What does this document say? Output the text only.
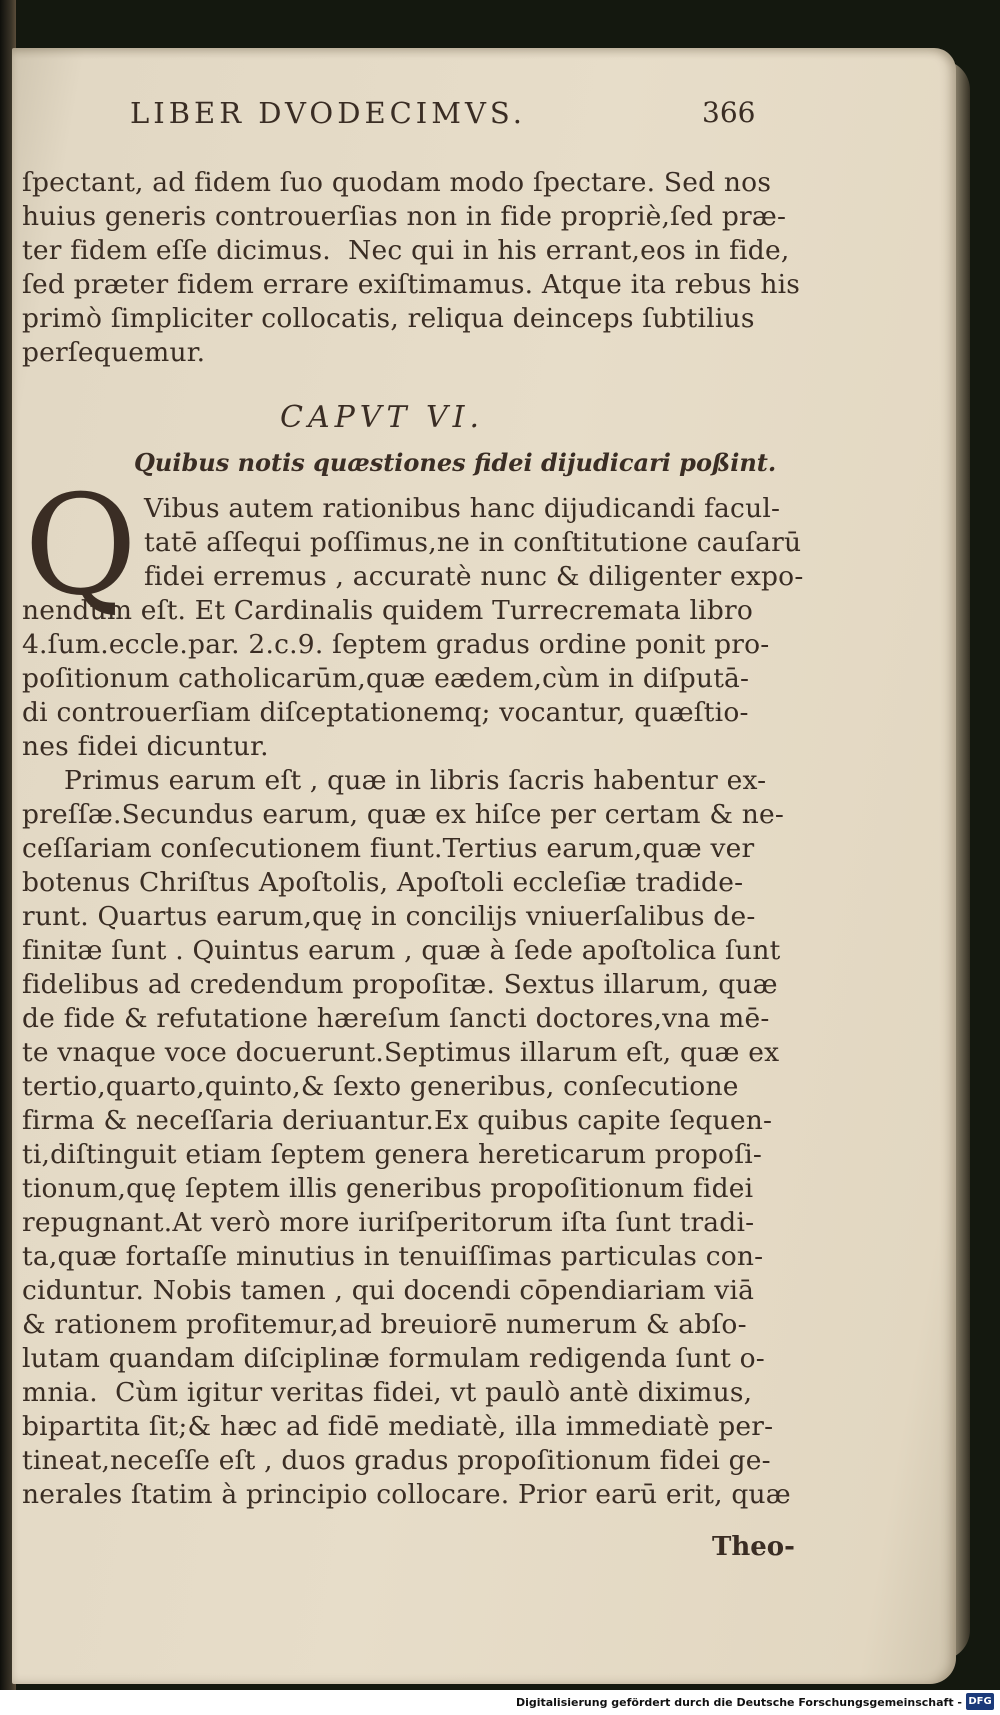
LIBER DVODECIMVS.	366
ſpectant, ad fidem ſuo quodam modo ſpectare. Sed nos
huius generis controuerſias non in fide propriè,ſed præ-
ter fidem eſſe dicimus.  Nec qui in his errant,eos in fide,
ſed præter fidem errare exiſtimamus. Atque ita rebus his
primò ſimpliciter collocatis, reliqua deinceps ſubtilius
perſequemur.
CAPVT VI.
Quibus notis quæstiones fidei dijudicari poßint.
Q Vibus autem rationibus hanc dijudicandi facul-
tatē aſſequi poſſimus,ne in conſtitutione cauſarū
fidei erremus , accuratè nunc & diligenter expo-
nendum eſt. Et Cardinalis quidem Turrecremata libro
4.ſum.eccle.par. 2.c.9. ſeptem gradus ordine ponit pro-
poſitionum catholicarūm,quæ eædem,cùm in diſputā-
di controuerſiam diſceptationemq; vocantur, quæſtio-
nes fidei dicuntur.
Primus earum eſt , quæ in libris ſacris habentur ex-
preſſæ.Secundus earum, quæ ex hiſce per certam & ne-
ceſſariam conſecutionem fiunt.Tertius earum,quæ ver
botenus Chriſtus Apoſtolis, Apoſtoli eccleſiæ tradide-
runt. Quartus earum,quę in concilijs vniuerſalibus de-
finitæ ſunt . Quintus earum , quæ à ſede apoſtolica ſunt
fidelibus ad credendum propoſitæ. Sextus illarum, quæ
de fide & refutatione hæreſum ſancti doctores,vna mē-
te vnaque voce docuerunt.Septimus illarum eſt, quæ ex
tertio,quarto,quinto,& ſexto generibus, conſecutione
firma & neceſſaria deriuantur.Ex quibus capite ſequen-
ti,diſtinguit etiam ſeptem genera hereticarum propoſi-
tionum,quę ſeptem illis generibus propoſitionum fidei
repugnant.At verò more iuriſperitorum iſta ſunt tradi-
ta,quæ fortaſſe minutius in tenuiſſimas particulas con-
ciduntur. Nobis tamen , qui docendi cōpendiariam viā
& rationem profitemur,ad breuiorē numerum & abſo-
lutam quandam diſciplinæ formulam redigenda ſunt o-
mnia.  Cùm igitur veritas fidei, vt paulò antè diximus,
bipartita ſit;& hæc ad fidē mediatè, illa immediatè per-
tineat,neceſſe eſt , duos gradus propoſitionum fidei ge-
nerales ſtatim à principio collocare. Prior earū erit, quæ
Theo-
Digitalisierung gefördert durch die Deutsche Forschungsgemeinschaft - DFG
